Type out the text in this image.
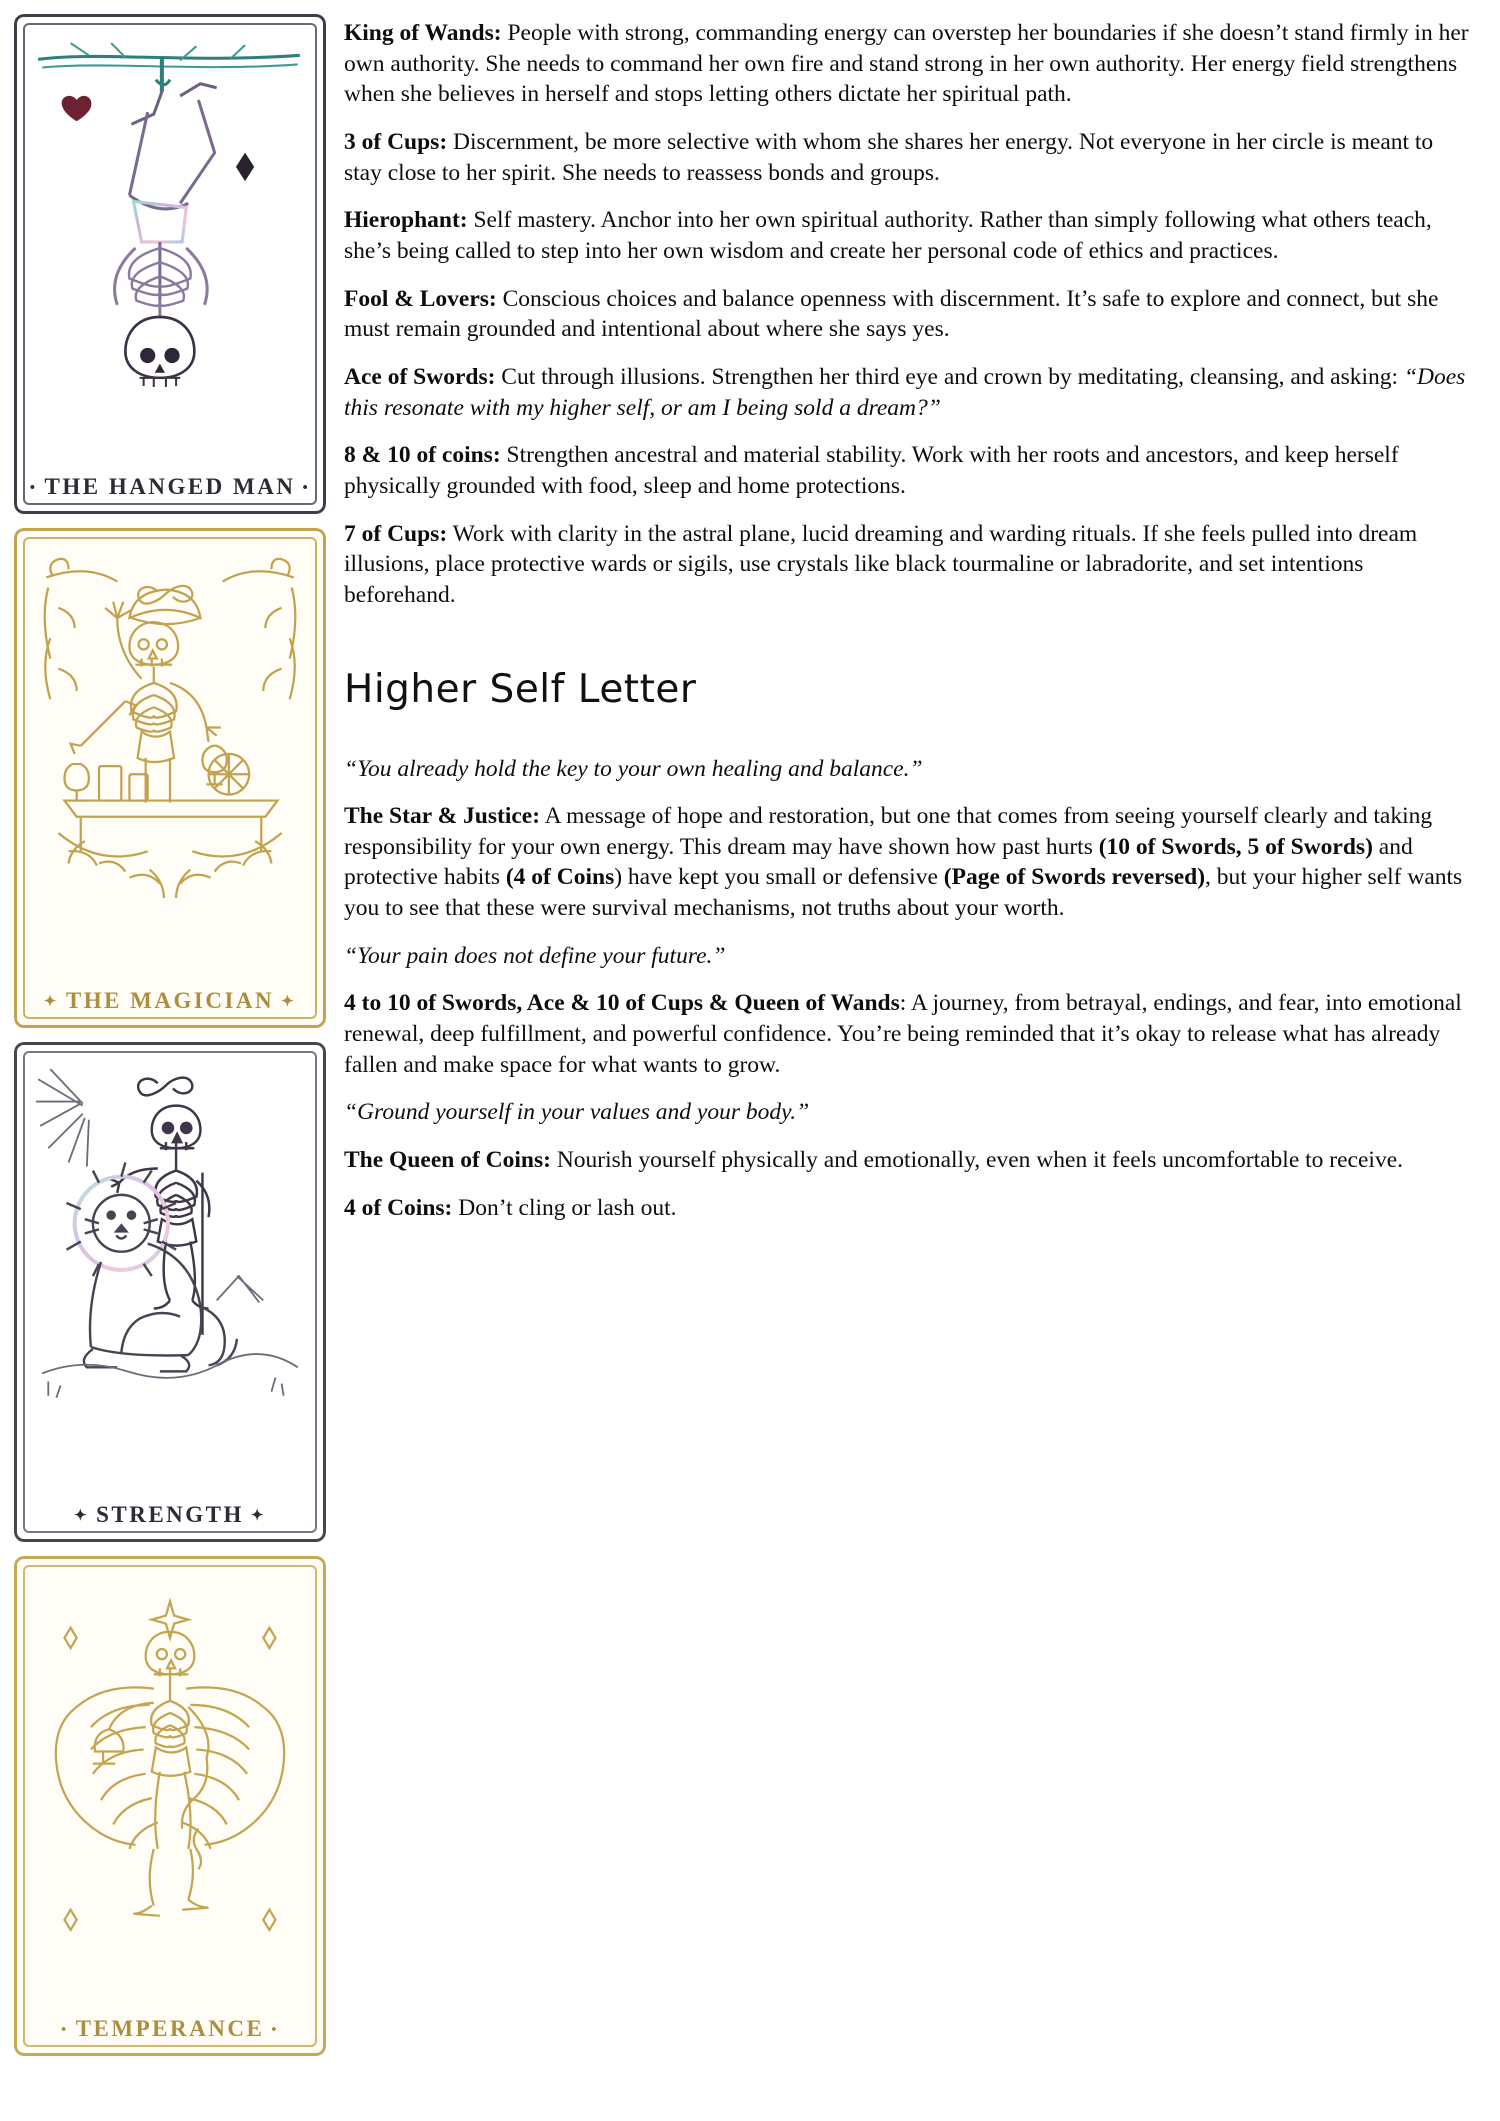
• THE HANGED MAN •
✦ THE MAGICIAN ✦
✦ STRENGTH ✦
• TEMPERANCE •

King of Wands: People with strong, commanding energy can overstep her boundaries if she doesn’t stand firmly in her own authority. She needs to command her own fire and stand strong in her own authority. Her energy field strengthens when she believes in herself and stops letting others dictate her spiritual path.

3 of Cups: Discernment, be more selective with whom she shares her energy. Not everyone in her circle is meant to stay close to her spirit. She needs to reassess bonds and groups.

Hierophant: Self mastery. Anchor into her own spiritual authority. Rather than simply following what others teach, she’s being called to step into her own wisdom and create her personal code of ethics and practices.

Fool & Lovers: Conscious choices and balance openness with discernment. It’s safe to explore and connect, but she must remain grounded and intentional about where she says yes.

Ace of Swords: Cut through illusions. Strengthen her third eye and crown by meditating, cleansing, and asking: “Does this resonate with my higher self, or am I being sold a dream?”

8 & 10 of coins: Strengthen ancestral and material stability. Work with her roots and ancestors, and keep herself physically grounded with food, sleep and home protections.

7 of Cups: Work with clarity in the astral plane, lucid dreaming and warding rituals. If she feels pulled into dream illusions, place protective wards or sigils, use crystals like black tourmaline or labradorite, and set intentions beforehand.

Higher Self Letter

“You already hold the key to your own healing and balance.”

The Star & Justice: A message of hope and restoration, but one that comes from seeing yourself clearly and taking responsibility for your own energy. This dream may have shown how past hurts (10 of Swords, 5 of Swords) and protective habits (4 of Coins) have kept you small or defensive (Page of Swords reversed), but your higher self wants you to see that these were survival mechanisms, not truths about your worth.

“Your pain does not define your future.”

4 to 10 of Swords, Ace & 10 of Cups & Queen of Wands: A journey, from betrayal, endings, and fear, into emotional renewal, deep fulfillment, and powerful confidence. You’re being reminded that it’s okay to release what has already fallen and make space for what wants to grow.

“Ground yourself in your values and your body.”

The Queen of Coins: Nourish yourself physically and emotionally, even when it feels uncomfortable to receive.

4 of Coins: Don’t cling or lash out.
